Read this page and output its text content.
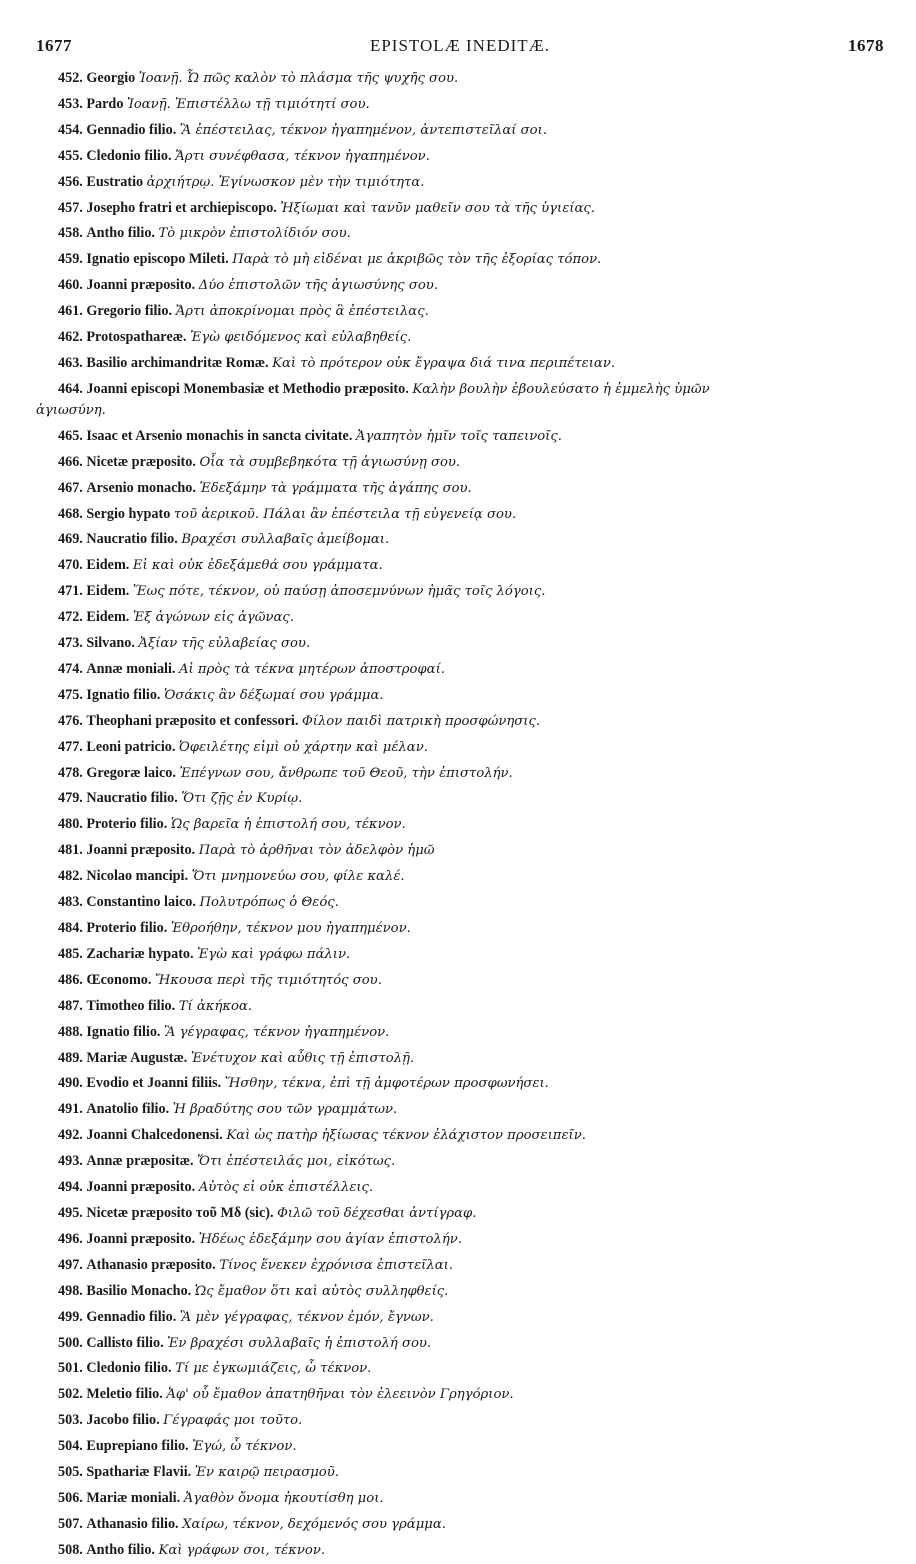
1677	EPISTOLÆ INEDITÆ.	1678
452. Georgio Ἰοανῇ. Ὦ πῶς καλὸν τὸ πλάσμα τῆς ψυχῆς σου.
453. Pardo Ἰοανῇ. Ἐπιστέλλω τῇ τιμιότητί σου.
454. Gennadio filio. Ἃ ἐπέστειλας, τέκνον ἠγαπημένον, ἀντεπιστεῖλαί σοι.
455. Cledonio filio. Ἄρτι συνέφθασα, τέκνον ἠγαπημένον.
456. Eustratio ἀρχιήτρῳ. Ἐγίνωσκον μὲν τὴν τιμιότητα.
457. Josepho fratri et archiepiscopo. Ἠξίωμαι καὶ τανῦν μαθεῖν σου τὰ τῆς ὑγιείας.
458. Antho filio. Τὸ μικρὸν ἐπιστολίδιόν σου.
459. Ignatio episcopo Mileti. Παρὰ τὸ μὴ εἰδέναι με ἀκριβῶς τὸν τῆς ἐξορίας τόπον.
460. Joanni præposito. Δύο ἐπιστολῶν τῆς ἁγιωσύνης σου.
461. Gregorio filio. Ἄρτι ἀποκρίνομαι πρὸς ἃ ἐπέστειλας.
462. Protospatharеæ. Ἐγὼ φειδόμενος καὶ εὐλαβηθείς.
463. Basilio archimandritæ Romæ. Καὶ τὸ πρότερον οὐκ ἔγραψα διά τινα περιπέτειαν.
464. Joanni episcopi Monembasiæ et Methodio præposito. Καλὴν βουλὴν ἐβουλεύσατο ἡ ἐμμελὴς ὑμῶν
ἁγιωσύνη.
465. Isaac et Arsenio monachis in sancta civitate. Ἀγαπητὸν ἡμῖν τοῖς ταπεινοῖς.
466. Nicetæ præposito. Οἷα τὰ συμβεβηκότα τῇ ἁγιωσύνῃ σου.
467. Arsenio monacho. Ἐδεξάμην τὰ γράμματα τῆς ἀγάπης σου.
468. Sergio hypato τοῦ ἀερικοῦ. Πάλαι ἂν ἐπέστειλα τῇ εὐγενείᾳ σου.
469. Naucratio filio. Βραχέσι συλλαβαῖς ἀμείβομαι.
470. Eidem. Εἰ καὶ οὐκ ἐδεξάμεθά σου γράμματα.
471. Eidem. Ἕως πότε, τέκνον, οὐ παύσῃ ἀποσεμνύνων ἡμᾶς τοῖς λόγοις.
472. Eidem. Ἐξ ἀγώνων εἰς ἀγῶνας.
473. Silvano. Ἀξίαν τῆς εὐλαβείας σου.
474. Annæ moniali. Αἱ πρὸς τὰ τέκνα μητέρων ἀποστροφαί.
475. Ignatio filio. Ὁσάκις ἂν δέξωμαί σου γράμμα.
476. Theophani præposito et confessori. Φίλον παιδὶ πατρικὴ προσφώνησις.
477. Leoni patricio. Ὀφειλέτης εἰμὶ οὐ χάρτην καὶ μέλαν.
478. Gregoræ laico. Ἐπέγνων σου, ἄνθρωπε τοῦ Θεοῦ, τὴν ἐπιστολήν.
479. Naucratio filio. Ὅτι ζῇς ἐν Κυρίῳ.
480. Proterio filio. Ὡς βαρεῖα ἡ ἐπιστολή σου, τέκνον.
481. Joanni præposito. Παρὰ τὸ ἀρθῆναι τὸν ἀδελφὸν ἡμῶ
482. Nicolao mancipi. Ὅτι μνημονεύω σου, φίλε καλέ.
483. Constantino laico. Πολυτρόπως ὁ Θεός.
484. Proterio filio. Ἐθροήθην, τέκνον μου ἠγαπημένον.
485. Zachariæ hypato. Ἐγὼ καὶ γράφω πάλιν.
486. Œconomo. Ἤκουσα περὶ τῆς τιμιότητός σου.
487. Timotheo filio. Τί ἀκήκοα.
488. Ignatio filio. Ἃ γέγραφας, τέκνον ἠγαπημένον.
489. Mariæ Augustæ. Ἐνέτυχον καὶ αὖθις τῇ ἐπιστολῇ.
490. Evodio et Joanni filiis. Ἥσθην, τέκνα, ἐπὶ τῇ ἀμφοτέρων προσφωνήσει.
491. Anatolio filio. Ἡ βραδύτης σου τῶν γραμμάτων.
492. Joanni Chalcedonensi. Καὶ ὡς πατὴρ ἠξίωσας τέκνον ἐλάχιστον προσειπεῖν.
493. Annæ præpositæ. Ὅτι ἐπέστειλάς μοι, εἰκότως.
494. Joanni præposito. Αὐτὸς εἰ οὐκ ἐπιστέλλεις.
495. Nicetæ præposito τοῦ Μδ (sic). Φιλῶ τοῦ δέχεσθαι ἀντίγραφ.
496. Joanni præposito. Ἡδέως ἐδεξάμην σου ἁγίαν ἐπιστολήν.
497. Athanasio præposito. Τίνος ἕνεκεν ἐχρόνισα ἐπιστεῖλαι.
498. Basilio Monacho. Ὡς ἔμαθον ὅτι καὶ αὐτὸς συλληφθείς.
499. Gennadio filio. Ἃ μὲν γέγραφας, τέκνον ἐμόν, ἔγνων.
500. Callisto filio. Ἐν βραχέσι συλλαβαῖς ἡ ἐπιστολή σου.
501. Cledonio filio. Τί με ἐγκωμιάζεις, ὦ τέκνον.
502. Meletio filio. Ἀφ' οὗ ἔμαθον ἀπατηθῆναι τὸν ἐλεεινὸν Γρηγόριον.
503. Jacobo filio. Γέγραφάς μοι τοῦτο.
504. Euprepiano filio. Ἐγώ, ὦ τέκνον.
505. Spathariæ Flavii. Ἐν καιρῷ πειρασμοῦ.
506. Mariæ moniali. Ἀγαθὸν ὄνομα ἠκουτίσθη μοι.
507. Athanasio filio. Χαίρω, τέκνον, δεχόμενός σου γράμμα.
508. Antho filio. Καὶ γράφων σοι, τέκνον.
